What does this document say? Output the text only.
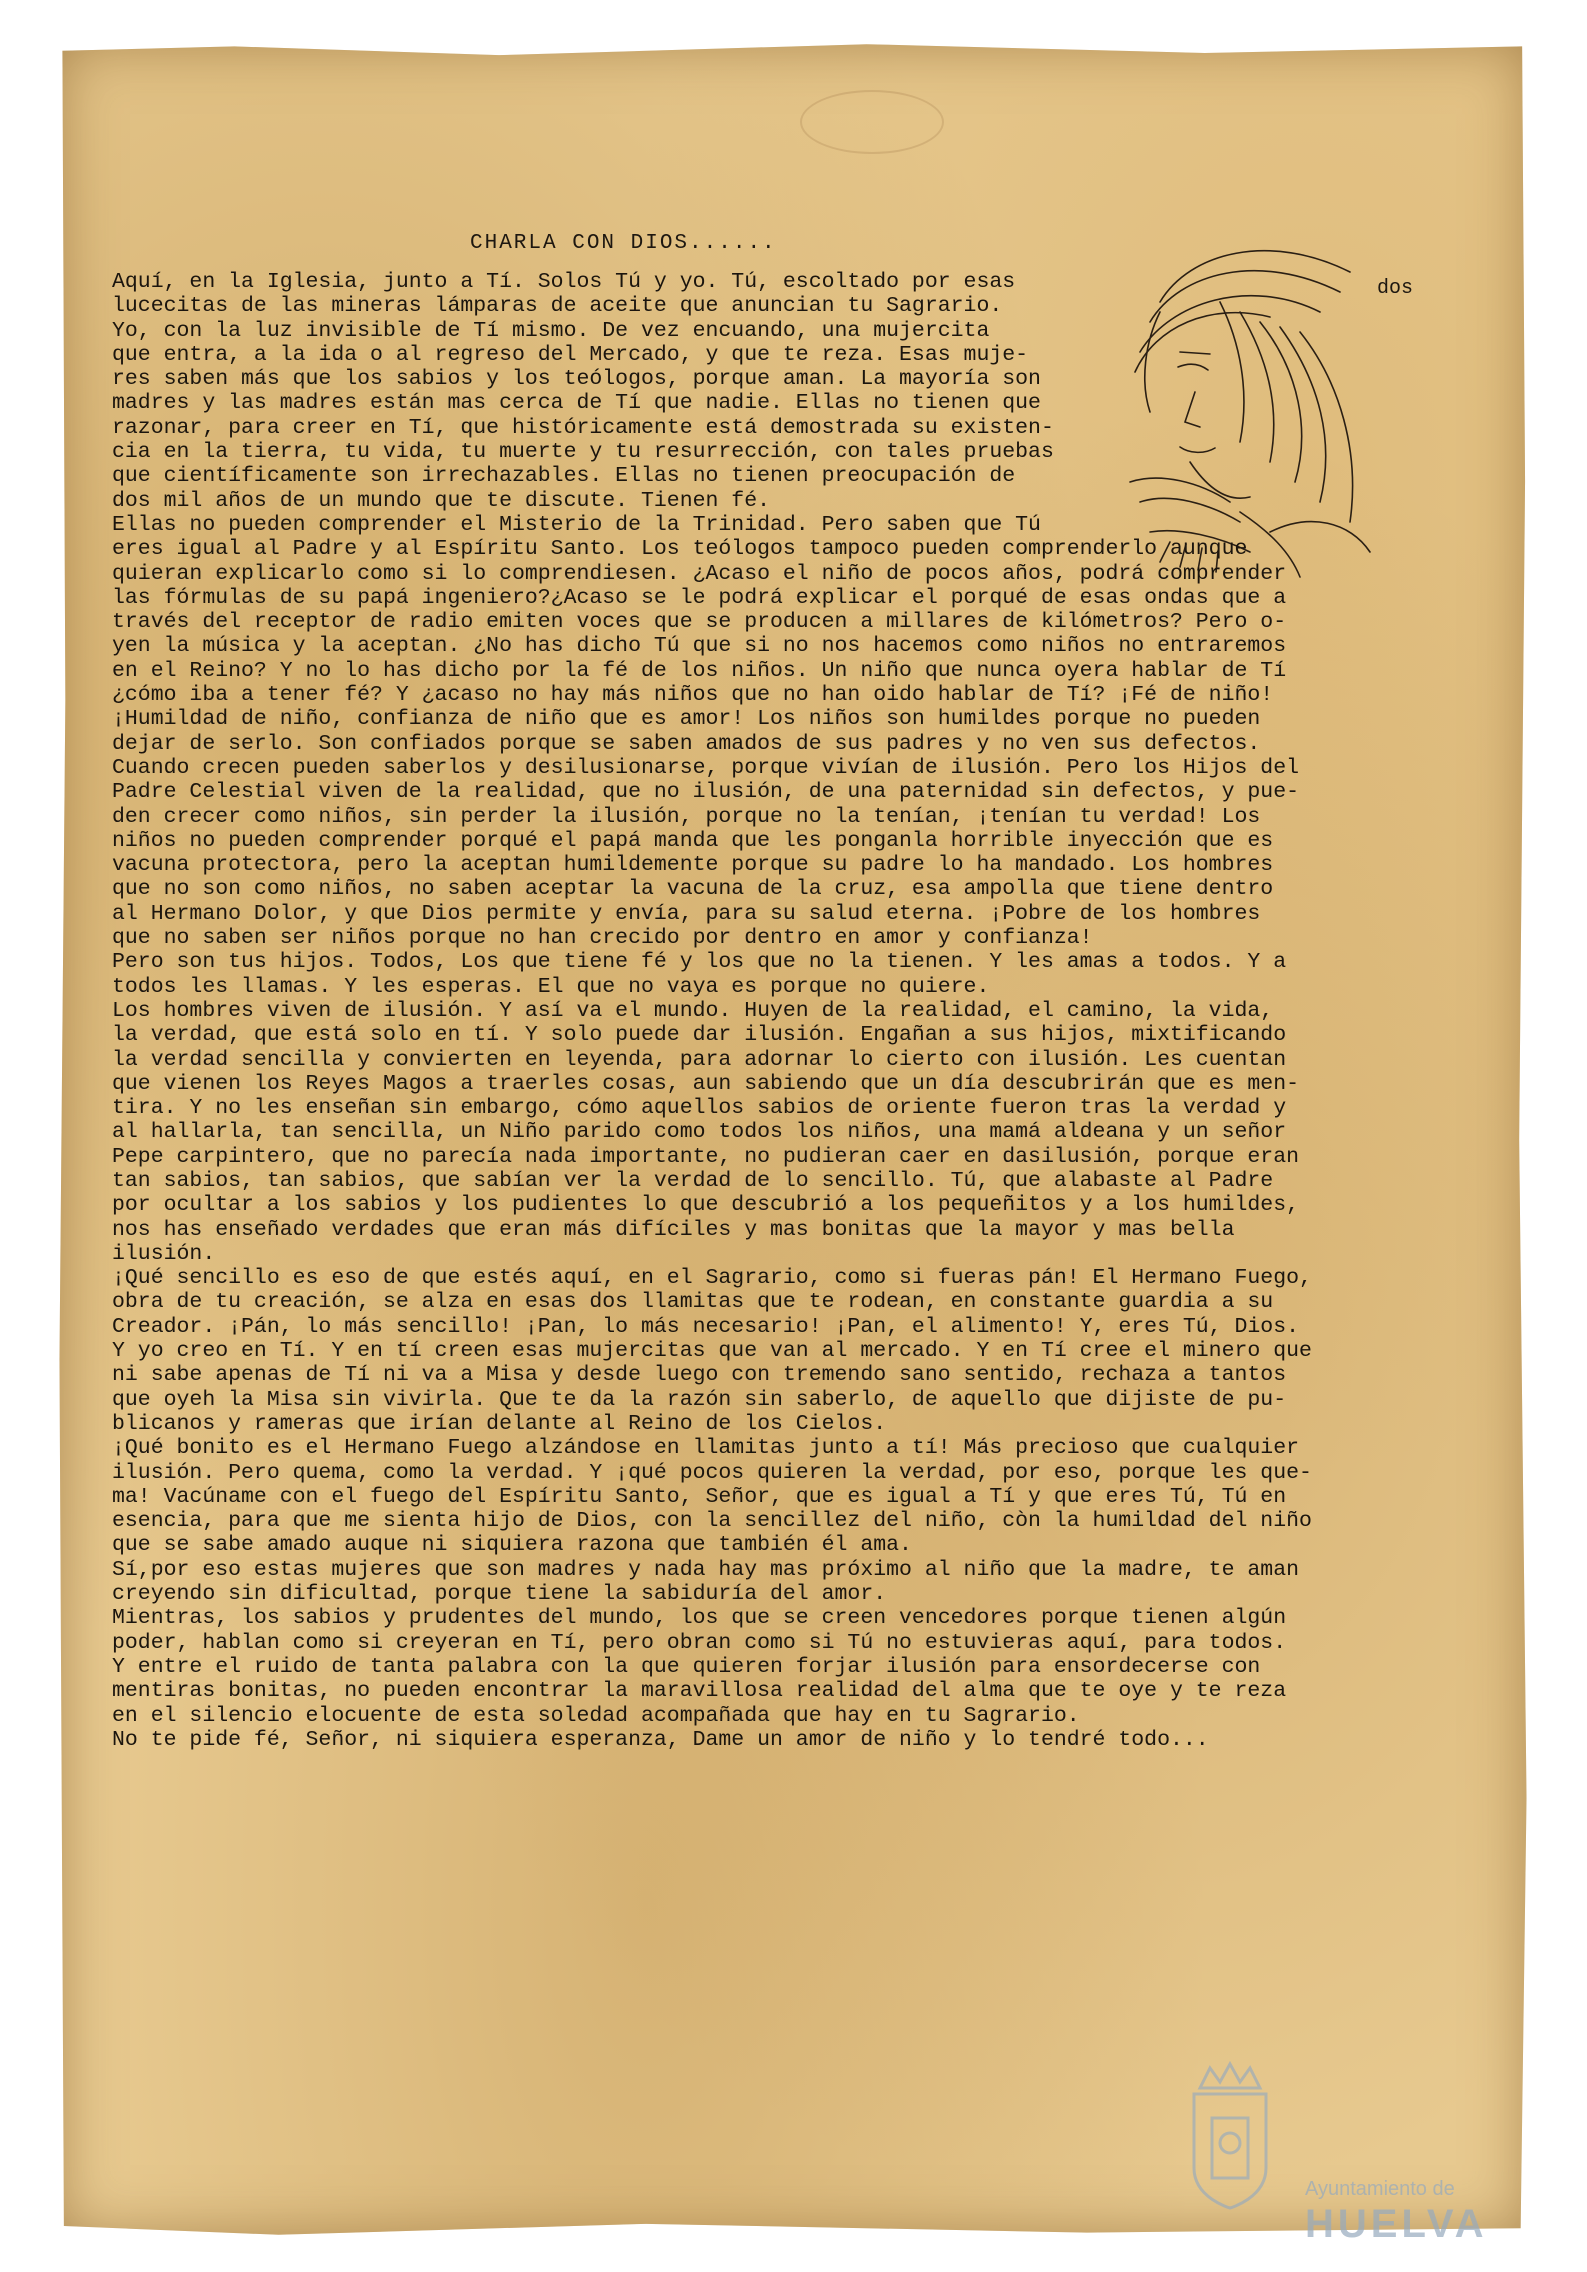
CHARLA CON DIOS......
dos
Aquí, en la Iglesia, junto a Tí. Solos Tú y yo. Tú, escoltado por esas
lucecitas de las mineras lámparas de aceite que anuncian tu Sagrario.
Yo, con la luz invisible de Tí mismo. De vez encuando, una mujercita
que entra, a la ida o al regreso del Mercado, y que te reza. Esas muje-
res saben más que los sabios y los teólogos, porque aman. La mayoría son
madres y las madres están mas cerca de Tí que nadie. Ellas no tienen que
razonar, para creer en Tí, que históricamente está demostrada su existen-
cia en la tierra, tu vida, tu muerte y tu resurrección, con tales pruebas
que científicamente son irrechazables. Ellas no tienen preocupación de
dos mil años de un mundo que te discute. Tienen fé.
Ellas no pueden comprender el Misterio de la Trinidad. Pero saben que Tú
eres igual al Padre y al Espíritu Santo. Los teólogos tampoco pueden comprenderlo aunque
quieran explicarlo como si lo comprendiesen. ¿Acaso el niño de pocos años, podrá comprender
las fórmulas de su papá ingeniero?¿Acaso se le podrá explicar el porqué de esas ondas que a
través del receptor de radio emiten voces que se producen a millares de kilómetros? Pero o-
yen la música y la aceptan. ¿No has dicho Tú que si no nos hacemos como niños no entraremos
en el Reino? Y no lo has dicho por la fé de los niños. Un niño que nunca oyera hablar de Tí
¿cómo iba a tener fé? Y ¿acaso no hay más niños que no han oido hablar de Tí? ¡Fé de niño!
¡Humildad de niño, confianza de niño que es amor! Los niños son humildes porque no pueden
dejar de serlo. Son confiados porque se saben amados de sus padres y no ven sus defectos.
Cuando crecen pueden saberlos y desilusionarse, porque vivían de ilusión. Pero los Hijos del
Padre Celestial viven de la realidad, que no ilusión, de una paternidad sin defectos, y pue-
den crecer como niños, sin perder la ilusión, porque no la tenían, ¡tenían tu verdad! Los
niños no pueden comprender porqué el papá manda que les ponganla horrible inyección que es
vacuna protectora, pero la aceptan humildemente porque su padre lo ha mandado. Los hombres
que no son como niños, no saben aceptar la vacuna de la cruz, esa ampolla que tiene dentro
al Hermano Dolor, y que Dios permite y envía, para su salud eterna. ¡Pobre de los hombres
que no saben ser niños porque no han crecido por dentro en amor y confianza!
Pero son tus hijos. Todos, Los que tiene fé y los que no la tienen. Y les amas a todos. Y a
todos les llamas. Y les esperas. El que no vaya es porque no quiere.
Los hombres viven de ilusión. Y así va el mundo. Huyen de la realidad, el camino, la vida,
la verdad, que está solo en tí. Y solo puede dar ilusión. Engañan a sus hijos, mixtificando
la verdad sencilla y convierten en leyenda, para adornar lo cierto con ilusión. Les cuentan
que vienen los Reyes Magos a traerles cosas, aun sabiendo que un día descubrirán que es men-
tira. Y no les enseñan sin embargo, cómo aquellos sabios de oriente fueron tras la verdad y
al hallarla, tan sencilla, un Niño parido como todos los niños, una mamá aldeana y un señor
Pepe carpintero, que no parecía nada importante, no pudieran caer en dasilusión, porque eran
tan sabios, tan sabios, que sabían ver la verdad de lo sencillo. Tú, que alabaste al Padre
por ocultar a los sabios y los pudientes lo que descubrió a los pequeñitos y a los humildes,
nos has enseñado verdades que eran más difíciles y mas bonitas que la mayor y mas bella
ilusión.
¡Qué sencillo es eso de que estés aquí, en el Sagrario, como si fueras pán! El Hermano Fuego,
obra de tu creación, se alza en esas dos llamitas que te rodean, en constante guardia a su
Creador. ¡Pán, lo más sencillo! ¡Pan, lo más necesario! ¡Pan, el alimento! Y, eres Tú, Dios.
Y yo creo en Tí. Y en tí creen esas mujercitas que van al mercado. Y en Tí cree el minero que
ni sabe apenas de Tí ni va a Misa y desde luego con tremendo sano sentido, rechaza a tantos
que oyeh la Misa sin vivirla. Que te da la razón sin saberlo, de aquello que dijiste de pu-
blicanos y rameras que irían delante al Reino de los Cielos.
¡Qué bonito es el Hermano Fuego alzándose en llamitas junto a tí! Más precioso que cualquier
ilusión. Pero quema, como la verdad. Y ¡qué pocos quieren la verdad, por eso, porque les que-
ma! Vacúname con el fuego del Espíritu Santo, Señor, que es igual a Tí y que eres Tú, Tú en
esencia, para que me sienta hijo de Dios, con la sencillez del niño, còn la humildad del niño
que se sabe amado auque ni siquiera razona que también él ama.
Sí,por eso estas mujeres que son madres y nada hay mas próximo al niño que la madre, te aman
creyendo sin dificultad, porque tiene la sabiduría del amor.
Mientras, los sabios y prudentes del mundo, los que se creen vencedores porque tienen algún
poder, hablan como si creyeran en Tí, pero obran como si Tú no estuvieras aquí, para todos.
Y entre el ruido de tanta palabra con la que quieren forjar ilusión para ensordecerse con
mentiras bonitas, no pueden encontrar la maravillosa realidad del alma que te oye y te reza
en el silencio elocuente de esta soledad acompañada que hay en tu Sagrario.
No te pide fé, Señor, ni siquiera esperanza, Dame un amor de niño y lo tendré todo...
Ayuntamiento de
HUELVA
